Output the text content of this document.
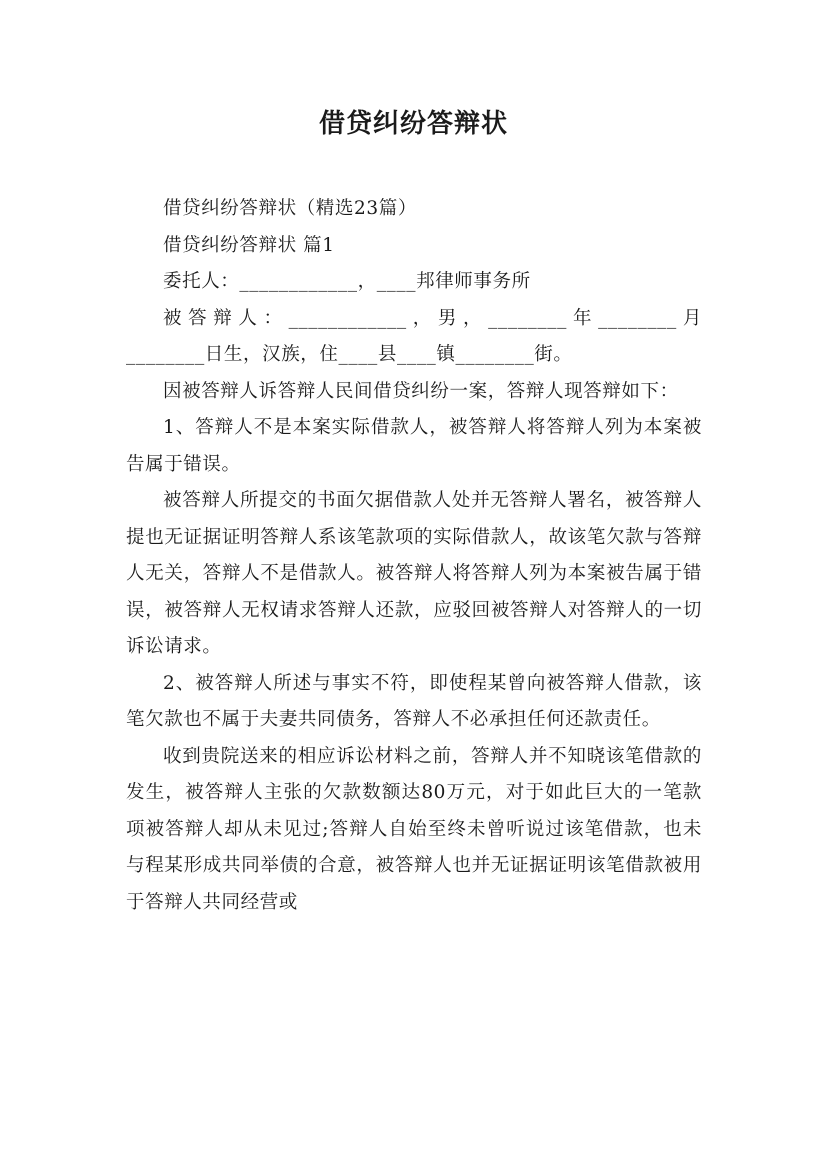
借贷纠纷答辩状

借贷纠纷答辩状（精选23篇）

借贷纠纷答辩状 篇1

委托人：____________，____邦律师事务所

被答辩人：____________，男，________年________月________日生，汉族，住____县____镇________街。

因被答辩人诉答辩人民间借贷纠纷一案，答辩人现答辩如下：

1、答辩人不是本案实际借款人，被答辩人将答辩人列为本案被告属于错误。

被答辩人所提交的书面欠据借款人处并无答辩人署名，被答辩人提也无证据证明答辩人系该笔款项的实际借款人，故该笔欠款与答辩人无关，答辩人不是借款人。被答辩人将答辩人列为本案被告属于错误，被答辩人无权请求答辩人还款，应驳回被答辩人对答辩人的一切诉讼请求。

2、被答辩人所述与事实不符，即使程某曾向被答辩人借款，该笔欠款也不属于夫妻共同债务，答辩人不必承担任何还款责任。

收到贵院送来的相应诉讼材料之前，答辩人并不知晓该笔借款的发生，被答辩人主张的欠款数额达80万元，对于如此巨大的一笔款项被答辩人却从未见过;答辩人自始至终未曾听说过该笔借款，也未与程某形成共同举债的合意，被答辩人也并无证据证明该笔借款被用于答辩人共同经营或
